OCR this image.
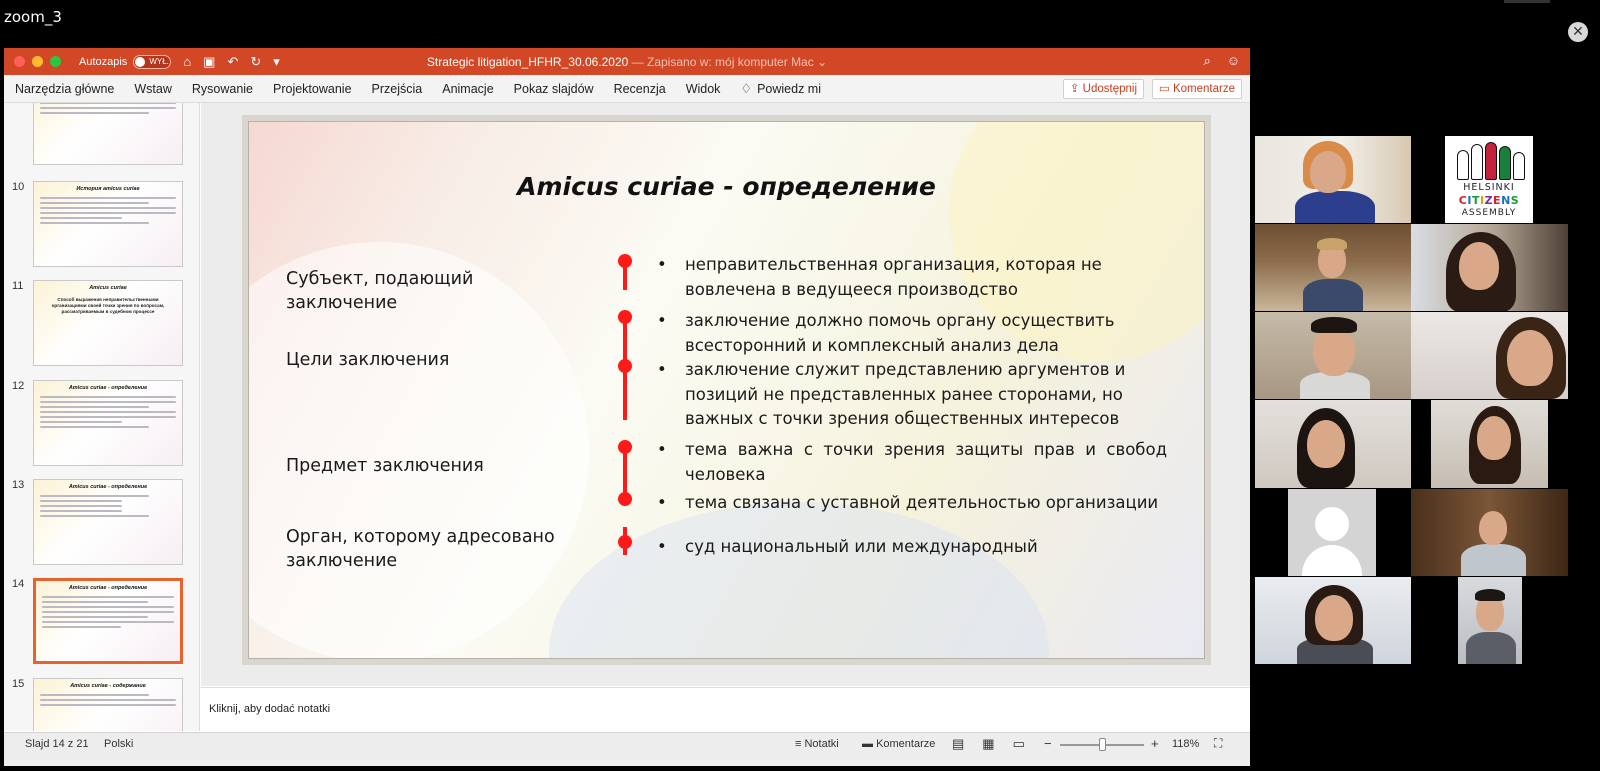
zoom_3
✕
Autozapis	WYŁ. ⌂ ▣ ↶ ↻ ▾	Strategic litigation_HFHR_30.06.2020 — Zapisano w: mój komputer Mac ⌄	⌕ ☺
Narzędzia główne Wstaw Rysowanie Projektowanie Przejścia Animacje Pokaz slajdów Recenzja Widok ♢ Powiedz mi	⇪ Udostępnij	▭ Komentarze
10	История amicus curiae
11	Amicus curiae
Способ выражения неправительственными организациями своей точки зрения по вопросам, рассматриваемым в судебном процессе
12	Amicus curiae - определение
13	Amicus curiae - определение
14	Amicus curiae - определение
15	Amicus curiae - содержание
Amicus curiae - определение
Субъект, подающий заключение
Цели заключения
Предмет заключения
Орган, которому адресовано заключение
• неправительственная организация, которая не вовлечена в ведущееся производство
• заключение должно помочь органу осуществить всесторонний и комплексный анализ дела
• заключение служит представлению аргументов и позиций не представленных ранее сторонами, но важных с точки зрения общественных интересов
• тема важна с точки зрения защиты прав и свобод человека
• тема связана с уставной деятельностью организации
• суд национальный или международный
Kliknij, aby dodać notatki
Slajd 14 z 21 Polski	≡ Notatki ▬ Komentarze ▤ ▦ ▭ −	+ 118% ⛶
HELSINKI
CITIZENS
ASSEMBLY
